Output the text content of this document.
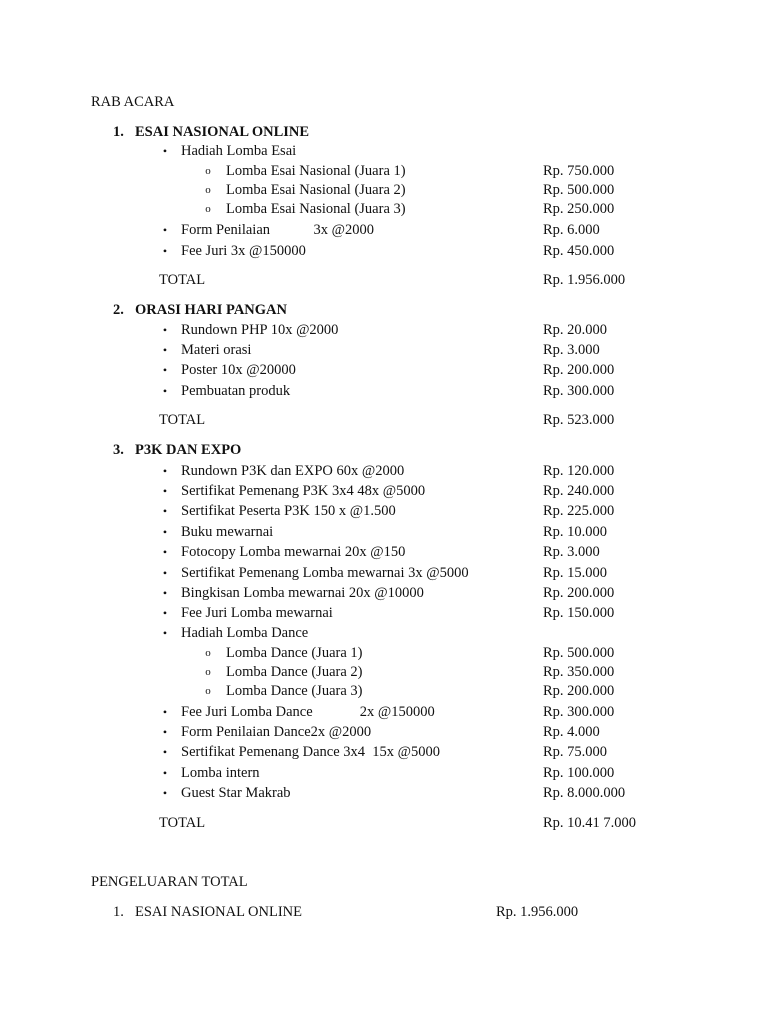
RAB ACARA
1. ESAI NASIONAL ONLINE
• Hadiah Lomba Esai
o Lomba Esai Nasional (Juara 1)	Rp. 750.000
o Lomba Esai Nasional (Juara 2)	Rp. 500.000
o Lomba Esai Nasional (Juara 3)	Rp. 250.000
• Form Penilaian            3x @2000	Rp. 6.000
• Fee Juri 3x @150000	Rp. 450.000
TOTAL	Rp. 1.956.000
2. ORASI HARI PANGAN
• Rundown PHP 10x @2000	Rp. 20.000
• Materi orasi	Rp. 3.000
• Poster 10x @20000	Rp. 200.000
• Pembuatan produk	Rp. 300.000
TOTAL	Rp. 523.000
3. P3K DAN EXPO
• Rundown P3K dan EXPO 60x @2000	Rp. 120.000
• Sertifikat Pemenang P3K 3x4 48x @5000	Rp. 240.000
• Sertifikat Peserta P3K 150 x @1.500	Rp. 225.000
• Buku mewarnai	Rp. 10.000
• Fotocopy Lomba mewarnai 20x @150	Rp. 3.000
• Sertifikat Pemenang Lomba mewarnai 3x @5000	Rp. 15.000
• Bingkisan Lomba mewarnai 20x @10000	Rp. 200.000
• Fee Juri Lomba mewarnai	Rp. 150.000
• Hadiah Lomba Dance
o Lomba Dance (Juara 1)	Rp. 500.000
o Lomba Dance (Juara 2)	Rp. 350.000
o Lomba Dance (Juara 3)	Rp. 200.000
• Fee Juri Lomba Dance             2x @150000	Rp. 300.000
• Form Penilaian Dance2x @2000	Rp. 4.000
• Sertifikat Pemenang Dance 3x4  15x @5000	Rp. 75.000
• Lomba intern	Rp. 100.000
• Guest Star Makrab	Rp. 8.000.000
TOTAL	Rp. 10.41 7.000
PENGELUARAN TOTAL
1. ESAI NASIONAL ONLINE	Rp. 1.956.000
